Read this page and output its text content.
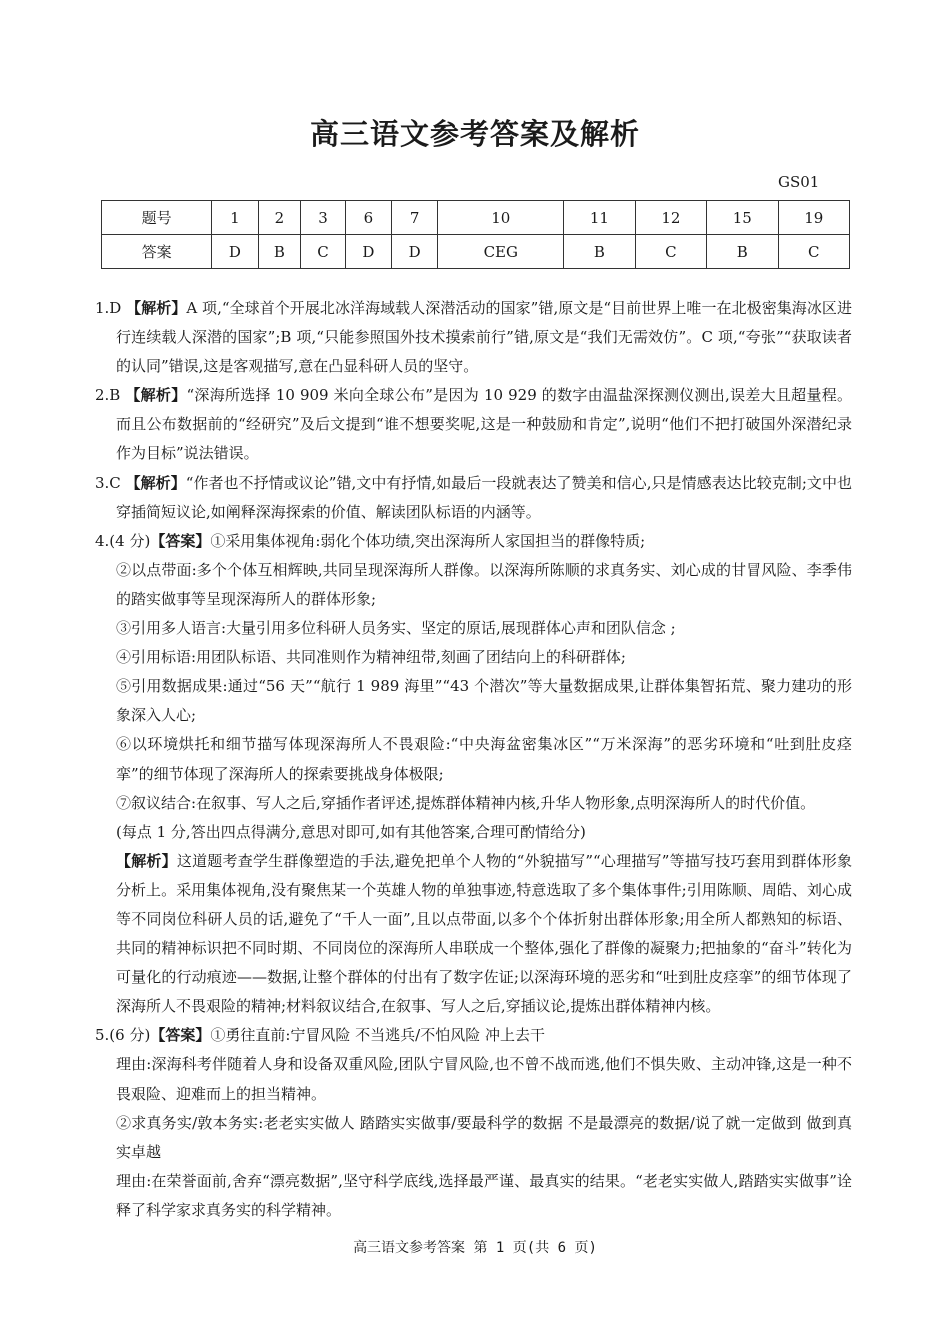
高三语文参考答案及解析
GS01
题号	1	2	3	6	7	10	11	12	15	19
答案	D	B	C	D	D	CEG	B	C	B	C

1.D 【解析】A 项,“全球首个开展北冰洋海域载人深潜活动的国家”错,原文是“目前世界上唯一在北极密集海冰区进行连续载人深潜的国家”;B 项,“只能参照国外技术摸索前行”错,原文是“我们无需效仿”。C 项,“夸张”“获取读者的认同”错误,这是客观描写,意在凸显科研人员的坚守。

2.B 【解析】“深海所选择 10 909 米向全球公布”是因为 10 929 的数字由温盐深探测仪测出,误差大且超量程。而且公布数据前的“经研究”及后文提到“谁不想要奖呢,这是一种鼓励和肯定”,说明“他们不把打破国外深潜纪录作为目标”说法错误。

3.C 【解析】“作者也不抒情或议论”错,文中有抒情,如最后一段就表达了赞美和信心,只是情感表达比较克制;文中也穿插简短议论,如阐释深海探索的价值、解读团队标语的内涵等。

4.(4 分)【答案】①采用集体视角:弱化个体功绩,突出深海所人家国担当的群像特质;

②以点带面:多个个体互相辉映,共同呈现深海所人群像。以深海所陈顺的求真务实、刘心成的甘冒风险、李季伟的踏实做事等呈现深海所人的群体形象;

③引用多人语言:大量引用多位科研人员务实、坚定的原话,展现群体心声和团队信念 ;

④引用标语:用团队标语、共同准则作为精神纽带,刻画了团结向上的科研群体;

⑤引用数据成果:通过“56 天”“航行 1 989 海里”“43 个潜次”等大量数据成果,让群体集智拓荒、聚力建功的形象深入人心;

⑥以环境烘托和细节描写体现深海所人不畏艰险:“中央海盆密集冰区”“万米深海”的恶劣环境和“吐到肚皮痉挛”的细节体现了深海所人的探索要挑战身体极限;

⑦叙议结合:在叙事、写人之后,穿插作者评述,提炼群体精神内核,升华人物形象,点明深海所人的时代价值。

(每点 1 分,答出四点得满分,意思对即可,如有其他答案,合理可酌情给分)

【解析】这道题考查学生群像塑造的手法,避免把单个人物的“外貌描写”“心理描写”等描写技巧套用到群体形象分析上。采用集体视角,没有聚焦某一个英雄人物的单独事迹,特意选取了多个集体事件;引用陈顺、周皓、刘心成等不同岗位科研人员的话,避免了“千人一面”,且以点带面,以多个个体折射出群体形象;用全所人都熟知的标语、共同的精神标识把不同时期、不同岗位的深海所人串联成一个整体,强化了群像的凝聚力;把抽象的“奋斗”转化为可量化的行动痕迹——数据,让整个群体的付出有了数字佐证;以深海环境的恶劣和“吐到肚皮痉挛”的细节体现了深海所人不畏艰险的精神;材料叙议结合,在叙事、写人之后,穿插议论,提炼出群体精神内核。

5.(6 分)【答案】①勇往直前:宁冒风险 不当逃兵/不怕风险 冲上去干

理由:深海科考伴随着人身和设备双重风险,团队宁冒风险,也不曾不战而逃,他们不惧失败、主动冲锋,这是一种不畏艰险、迎难而上的担当精神。

②求真务实/敦本务实:老老实实做人 踏踏实实做事/要最科学的数据 不是最漂亮的数据/说了就一定做到 做到真实卓越

理由:在荣誉面前,舍弃“漂亮数据”,坚守科学底线,选择最严谨、最真实的结果。“老老实实做人,踏踏实实做事”诠释了科学家求真务实的科学精神。

高三语文参考答案 第 1 页(共 6 页)
